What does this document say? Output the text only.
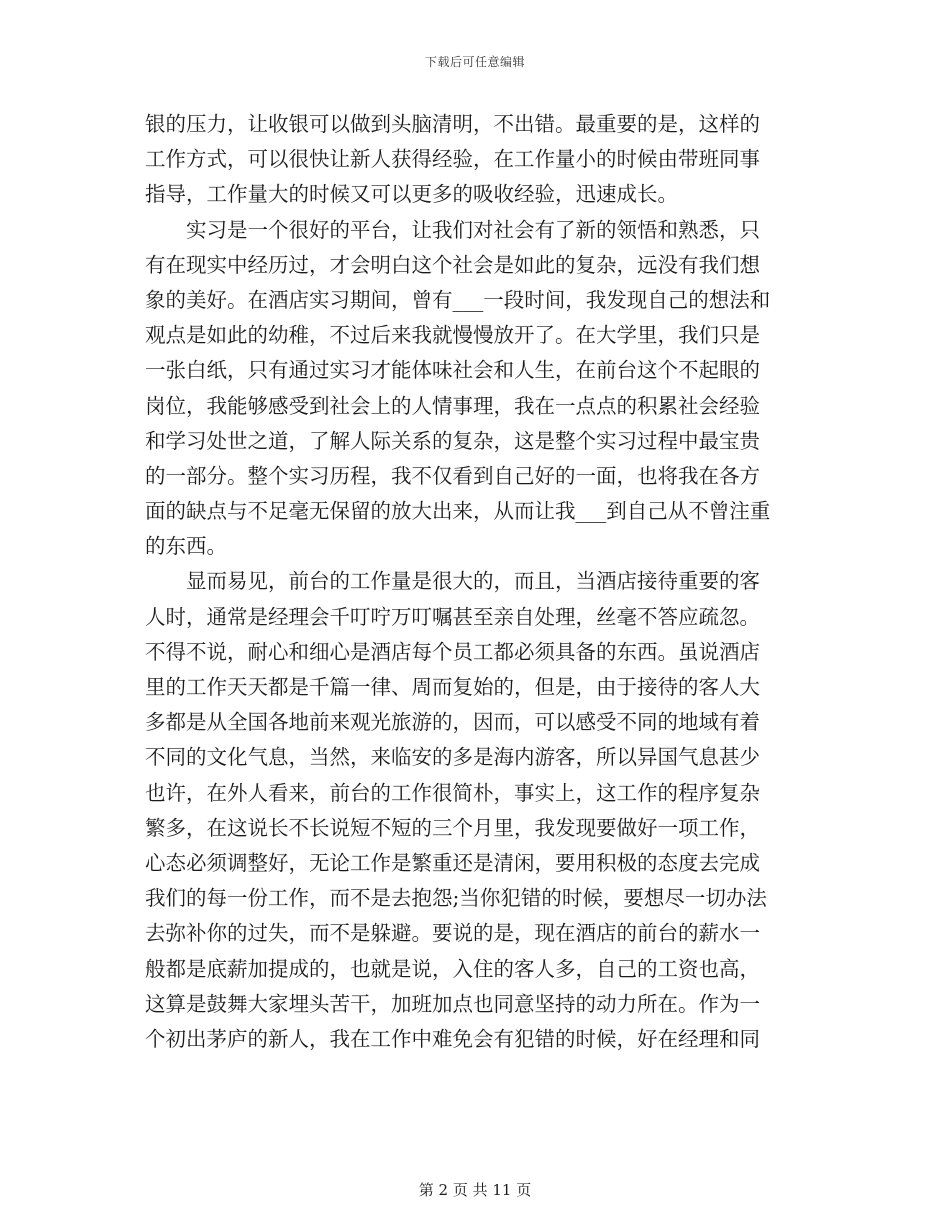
下载后可任意编辑
银的压力，让收银可以做到头脑清明，不出错。最重要的是，这样的
工作方式，可以很快让新人获得经验，在工作量小的时候由带班同事
指导，工作量大的时候又可以更多的吸收经验，迅速成长。
实习是一个很好的平台，让我们对社会有了新的领悟和熟悉，只
有在现实中经历过，才会明白这个社会是如此的复杂，远没有我们想
象的美好。在酒店实习期间，曾有___一段时间，我发现自己的想法和
观点是如此的幼稚，不过后来我就慢慢放开了。在大学里，我们只是
一张白纸，只有通过实习才能体味社会和人生，在前台这个不起眼的
岗位，我能够感受到社会上的人情事理，我在一点点的积累社会经验
和学习处世之道，了解人际关系的复杂，这是整个实习过程中最宝贵
的一部分。整个实习历程，我不仅看到自己好的一面，也将我在各方
面的缺点与不足毫无保留的放大出来，从而让我___到自己从不曾注重
的东西。
显而易见，前台的工作量是很大的，而且，当酒店接待重要的客
人时，通常是经理会千叮咛万叮嘱甚至亲自处理，丝毫不答应疏忽。
不得不说，耐心和细心是酒店每个员工都必须具备的东西。虽说酒店
里的工作天天都是千篇一律、周而复始的，但是，由于接待的客人大
多都是从全国各地前来观光旅游的，因而，可以感受不同的地域有着
不同的文化气息，当然，来临安的多是海内游客，所以异国气息甚少
也许，在外人看来，前台的工作很简朴，事实上，这工作的程序复杂
繁多，在这说长不长说短不短的三个月里，我发现要做好一项工作，
心态必须调整好，无论工作是繁重还是清闲，要用积极的态度去完成
我们的每一份工作，而不是去抱怨;当你犯错的时候，要想尽一切办法
去弥补你的过失，而不是躲避。要说的是，现在酒店的前台的薪水一
般都是底薪加提成的，也就是说，入住的客人多，自己的工资也高，
这算是鼓舞大家埋头苦干，加班加点也同意坚持的动力所在。作为一
个初出茅庐的新人，我在工作中难免会有犯错的时候，好在经理和同
第 2 页 共 11 页
